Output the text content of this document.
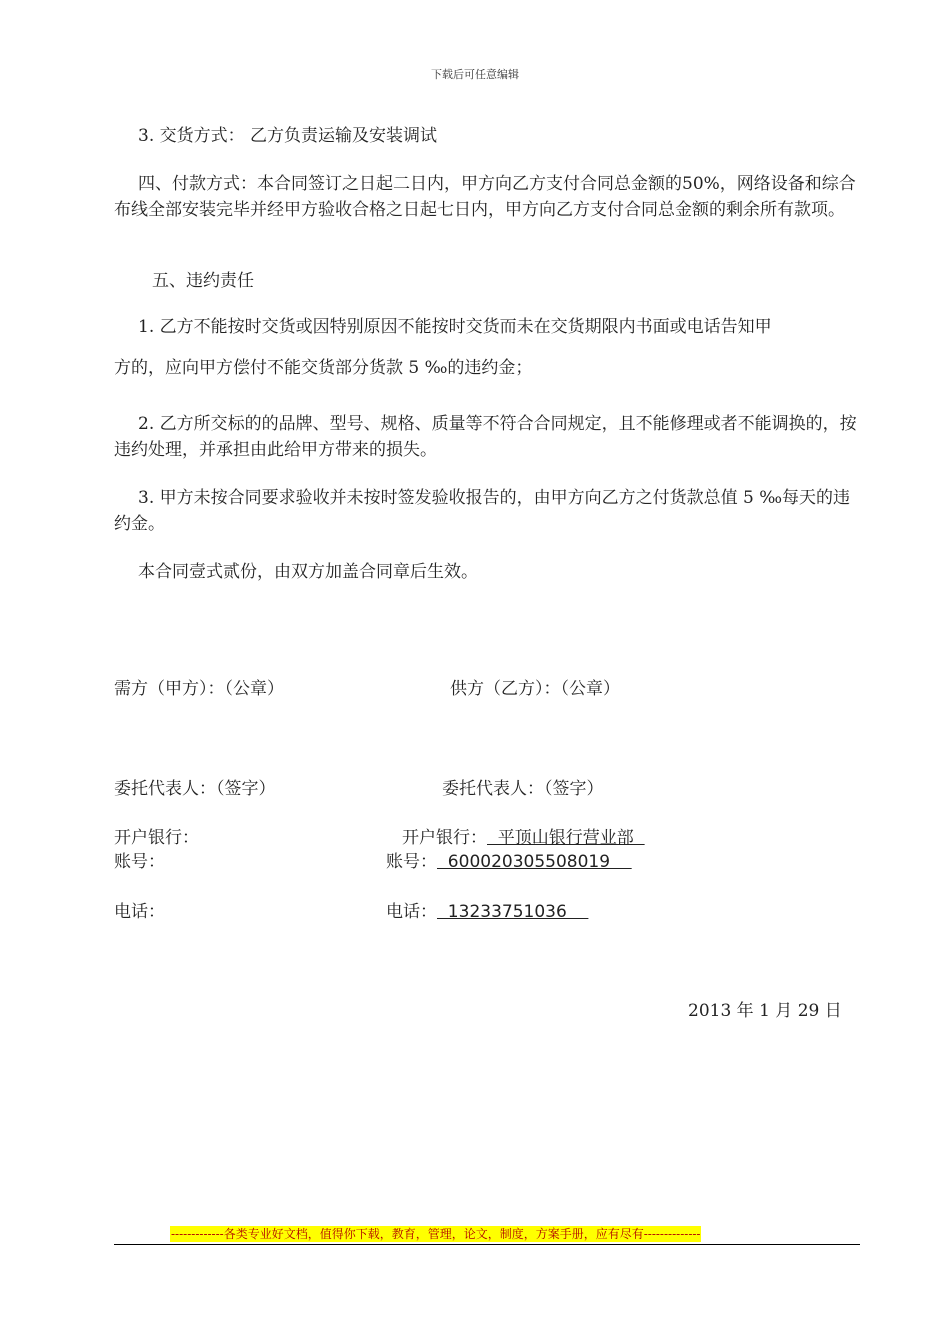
下载后可任意编辑
3. 交货方式： 乙方负责运输及安装调试
四、付款方式：本合同签订之日起二日内，甲方向乙方支付合同总金额的50%，网络设备和综合布线全部安装完毕并经甲方验收合格之日起七日内，甲方向乙方支付合同总金额的剩余所有款项。
五、违约责任
1. 乙方不能按时交货或因特别原因不能按时交货而未在交货期限内书面或电话告知甲
方的，应向甲方偿付不能交货部分货款 5 ‰的违约金；
2. 乙方所交标的的品牌、型号、规格、质量等不符合合同规定，且不能修理或者不能调换的，按违约处理，并承担由此给甲方带来的损失。
3. 甲方未按合同要求验收并未按时签发验收报告的，由甲方向乙方之付货款总值 5 ‰每天的违约金。
本合同壹式贰份，由双方加盖合同章后生效。
需方（甲方）：（公章）	供方（乙方）：（公章）
委托代表人：（签字）	委托代表人：（签字）
开户银行：
账号：
电话：
开户银行：  平顶山银行营业部
账号：  600020305508019
电话：  13233751036
2013 年 1 月 29 日
-------------各类专业好文档，值得你下载，教育，管理，论文，制度，方案手册，应有尽有--------------
